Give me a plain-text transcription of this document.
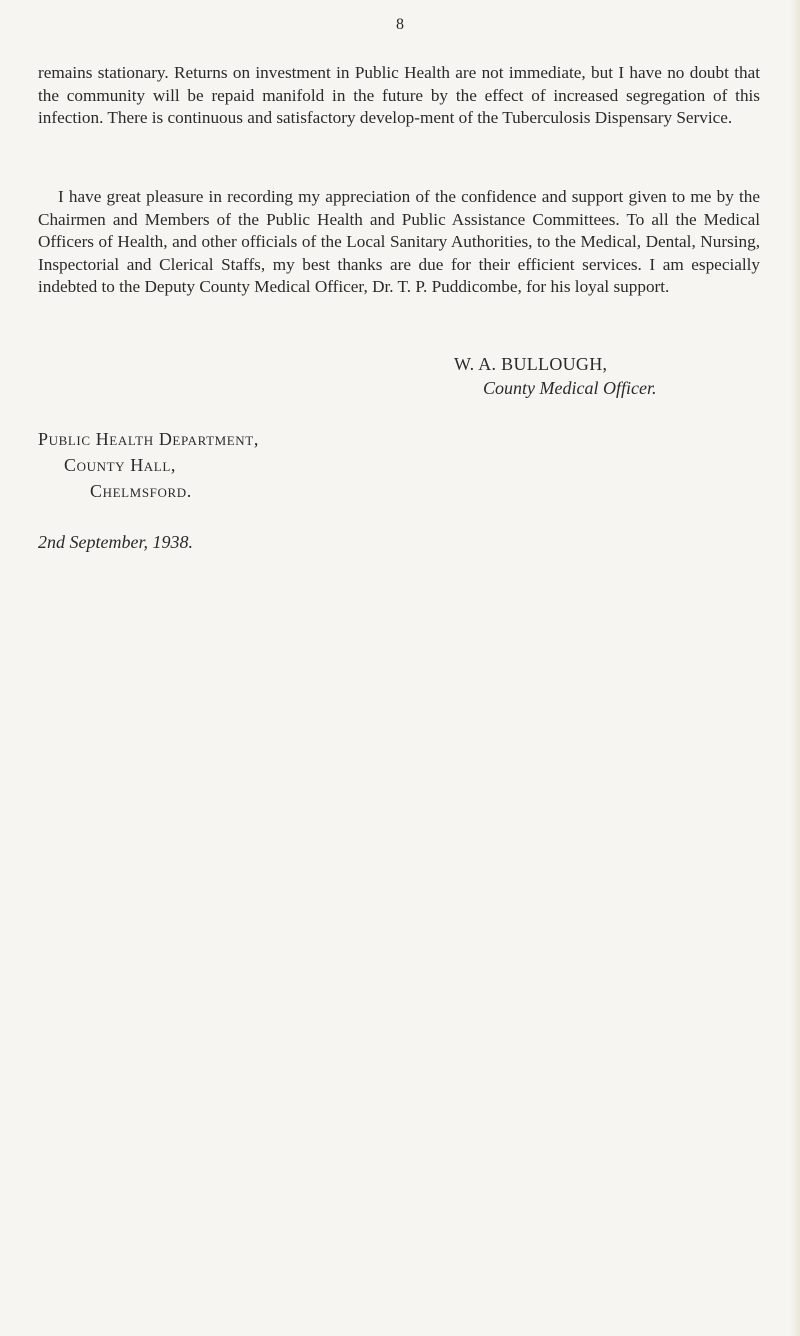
8

remains stationary. Returns on investment in Public Health are not immediate, but I have no doubt that the community will be repaid manifold in the future by the effect of increased segregation of this infection. There is continuous and satisfactory develop-ment of the Tuberculosis Dispensary Service.

I have great pleasure in recording my appreciation of the confidence and support given to me by the Chairmen and Members of the Public Health and Public Assistance Committees. To all the Medical Officers of Health, and other officials of the Local Sanitary Authorities, to the Medical, Dental, Nursing, Inspectorial and Clerical Staffs, my best thanks are due for their efficient services. I am especially indebted to the Deputy County Medical Officer, Dr. T. P. Puddicombe, for his loyal support.

W. A. BULLOUGH,
County Medical Officer.
Public Health Department,
County Hall,
Chelmsford.
2nd September, 1938.
